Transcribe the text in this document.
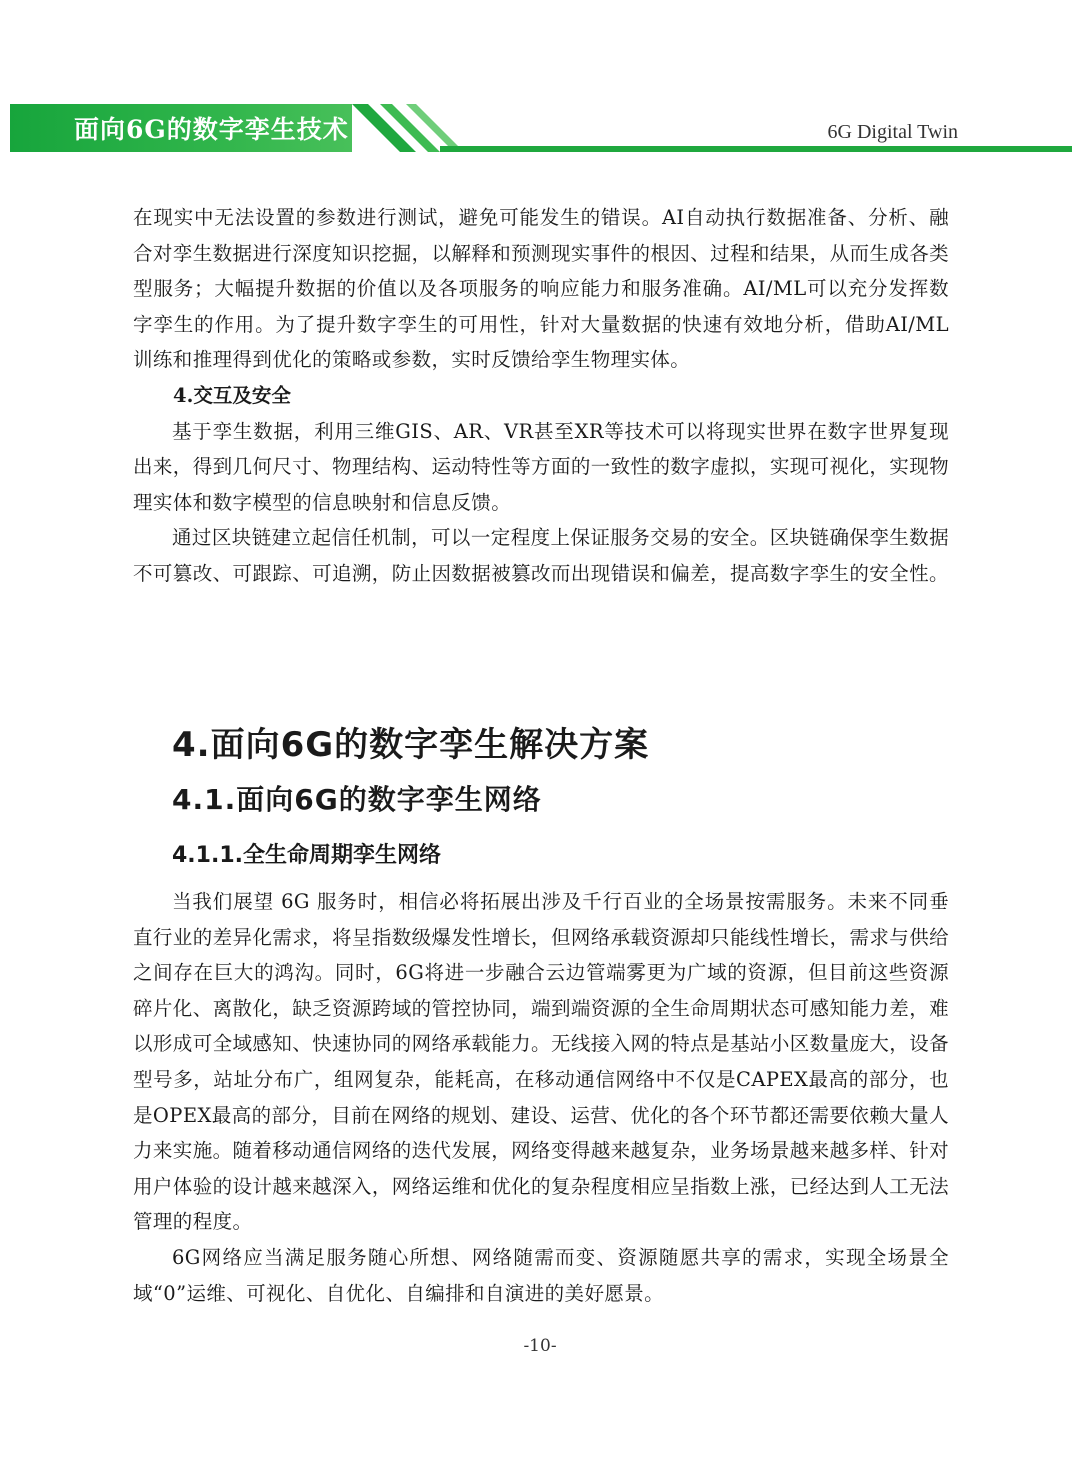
面向6G的数字孪生技术	6G Digital Twin

在现实中无法设置的参数进行测试，避免可能发生的错误。AI自动执行数据准备、分析、融合对孪生数据进行深度知识挖掘，以解释和预测现实事件的根因、过程和结果，从而生成各类型服务；大幅提升数据的价值以及各项服务的响应能力和服务准确。AI/ML可以充分发挥数字孪生的作用。为了提升数字孪生的可用性，针对大量数据的快速有效地分析，借助AI/ML训练和推理得到优化的策略或参数，实时反馈给孪生物理实体。

4.交互及安全

基于孪生数据，利用三维GIS、AR、VR甚至XR等技术可以将现实世界在数字世界复现出来，得到几何尺寸、物理结构、运动特性等方面的一致性的数字虚拟，实现可视化，实现物理实体和数字模型的信息映射和信息反馈。

通过区块链建立起信任机制，可以一定程度上保证服务交易的安全。区块链确保孪生数据不可篡改、可跟踪、可追溯，防止因数据被篡改而出现错误和偏差，提高数字孪生的安全性。

4.面向6G的数字孪生解决方案
4.1.面向6G的数字孪生网络
4.1.1.全生命周期孪生网络

当我们展望 6G 服务时，相信必将拓展出涉及千行百业的全场景按需服务。未来不同垂直行业的差异化需求，将呈指数级爆发性增长，但网络承载资源却只能线性增长，需求与供给之间存在巨大的鸿沟。同时，6G将进一步融合云边管端雾更为广域的资源，但目前这些资源碎片化、离散化，缺乏资源跨域的管控协同，端到端资源的全生命周期状态可感知能力差，难以形成可全域感知、快速协同的网络承载能力。无线接入网的特点是基站小区数量庞大，设备型号多，站址分布广，组网复杂，能耗高，在移动通信网络中不仅是CAPEX最高的部分，也是OPEX最高的部分，目前在网络的规划、建设、运营、优化的各个环节都还需要依赖大量人力来实施。随着移动通信网络的迭代发展，网络变得越来越复杂，业务场景越来越多样、针对用户体验的设计越来越深入，网络运维和优化的复杂程度相应呈指数上涨，已经达到人工无法管理的程度。

6G网络应当满足服务随心所想、网络随需而变、资源随愿共享的需求，实现全场景全域“0”运维、可视化、自优化、自编排和自演进的美好愿景。

-10-
